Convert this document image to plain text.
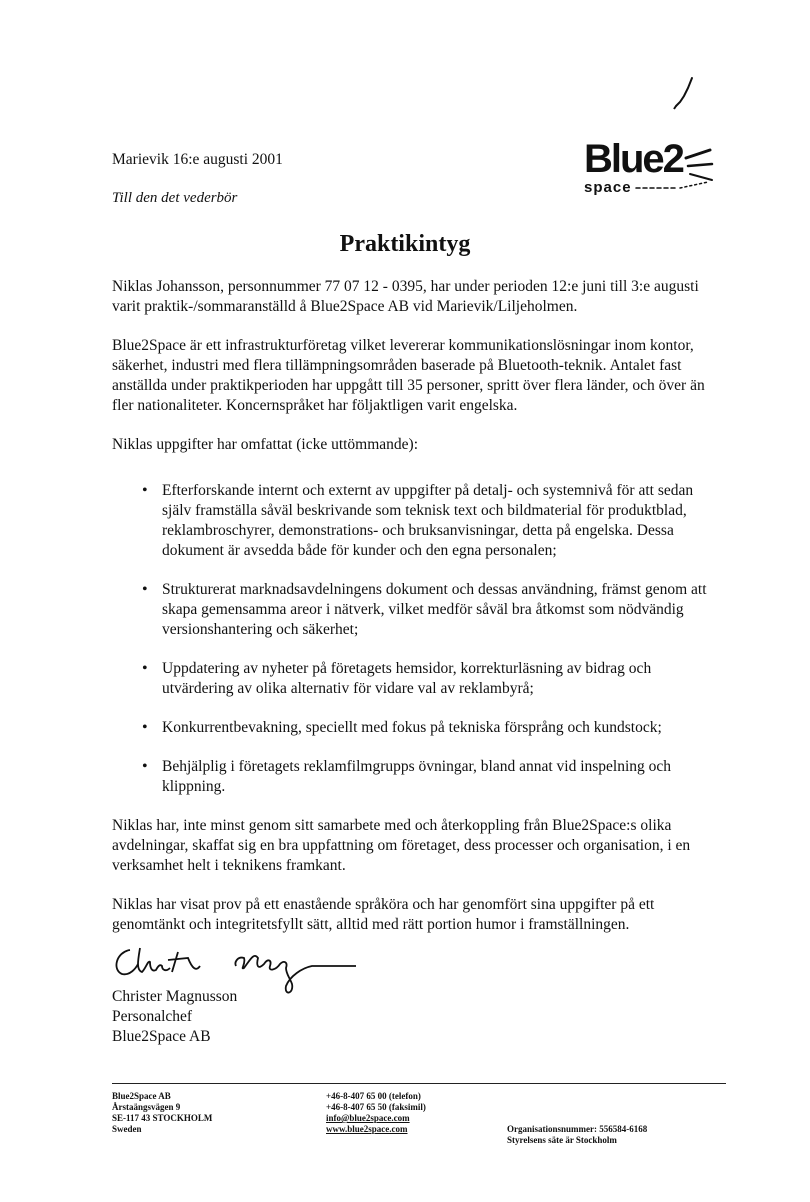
Marievik 16:e augusti 2001
Till den det vederbör
Blue2
space
Praktikintyg

Niklas Johansson, personnummer 77 07 12 - 0395, har under perioden 12:e juni till 3:e augusti varit praktik-/sommaranställd å Blue2Space AB vid Marievik/Liljeholmen.

Blue2Space är ett infrastrukturföretag vilket levererar kommunikationslösningar inom kontor, säkerhet, industri med flera tillämpningsområden baserade på Bluetooth-teknik. Antalet fast anställda under praktikperioden har uppgått till 35 personer, spritt över flera länder, och över än fler nationaliteter. Koncernspråket har följaktligen varit engelska.

Niklas uppgifter har omfattat (icke uttömmande):

• Efterforskande internt och externt av uppgifter på detalj- och systemnivå för att sedan själv framställa såväl beskrivande som teknisk text och bildmaterial för produktblad, reklambroschyrer, demonstrations- och bruksanvisningar, detta på engelska. Dessa dokument är avsedda både för kunder och den egna personalen;
• Strukturerat marknadsavdelningens dokument och dessas användning, främst genom att skapa gemensamma areor i nätverk, vilket medför såväl bra åtkomst som nödvändig versionshantering och säkerhet;
• Uppdatering av nyheter på företagets hemsidor, korrekturläsning av bidrag och utvärdering av olika alternativ för vidare val av reklambyrå;
• Konkurrentbevakning, speciellt med fokus på tekniska försprång och kundstock;
• Behjälplig i företagets reklamfilmgrupps övningar, bland annat vid inspelning och klippning.

Niklas har, inte minst genom sitt samarbete med och återkoppling från Blue2Space:s olika avdelningar, skaffat sig en bra uppfattning om företaget, dess processer och organisation, i en verksamhet helt i teknikens framkant.

Niklas har visat prov på ett enastående språköra och har genomfört sina uppgifter på ett genomtänkt och integritetsfyllt sätt, alltid med rätt portion humor i framställningen.

Christer Magnusson
Personalchef
Blue2Space AB
Blue2Space AB
Årstaängsvägen 9
SE-117 43 STOCKHOLM
Sweden
+46-8-407 65 00 (telefon)
+46-8-407 65 50 (faksimil)
info@blue2space.com
www.blue2space.com	Organisationsnummer: 556584-6168
Styrelsens säte är Stockholm
